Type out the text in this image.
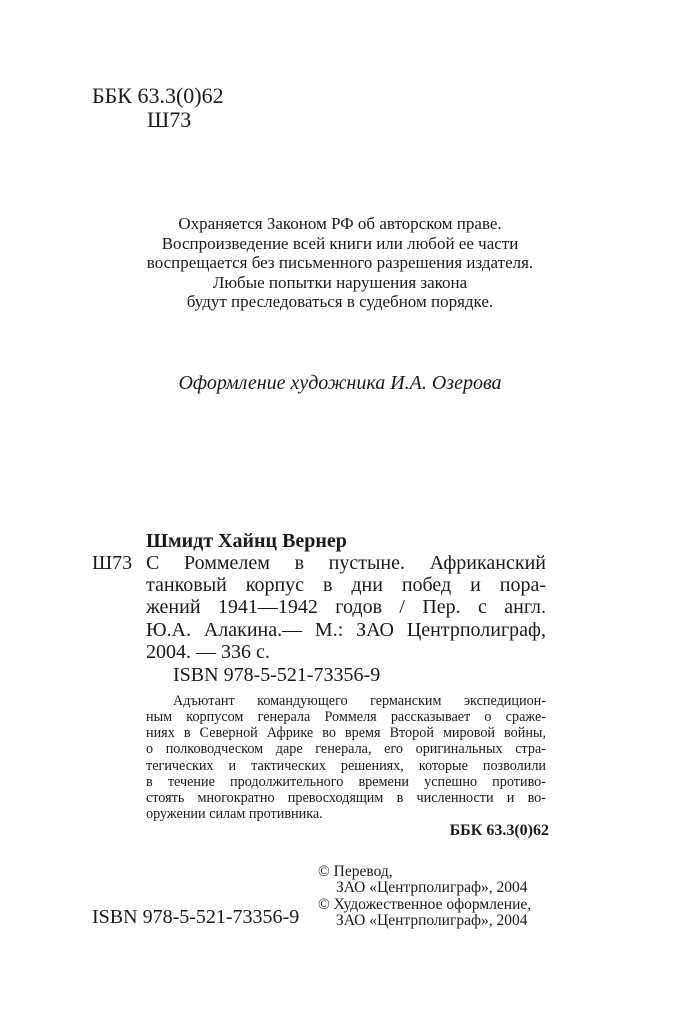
ББК 63.3(0)62
Ш73
Охраняется Законом РФ об авторском праве.
Воспроизведение всей книги или любой ее части
воспрещается без письменного разрешения издателя.
Любые попытки нарушения закона
будут преследоваться в судебном порядке.
Оформление художника И.А. Озерова
Шмидт Хайнц Вернер
Ш73 С Роммелем в пустыне. Африканский
танковый корпус в дни побед и пора-
жений 1941—1942 годов / Пер. с англ.
Ю.А. Алакина.— М.: ЗАО Центрполиграф,
2004. — 336 с.
ISBN 978-5-521-73356-9
Адъютант командующего германским экспедицион-
ным корпусом генерала Роммеля рассказывает о сраже-
ниях в Северной Африке во время Второй мировой войны,
о полководческом даре генерала, его оригинальных стра-
тегических и тактических решениях, которые позволили
в течение продолжительного времени успешно противо-
стоять многократно превосходящим в численности и во-
оружении силам противника.
ББК 63.3(0)62
© Перевод,
ЗАО «Центрполиграф», 2004
© Художественное оформление,
ЗАО «Центрполиграф», 2004
ISBN 978-5-521-73356-9
